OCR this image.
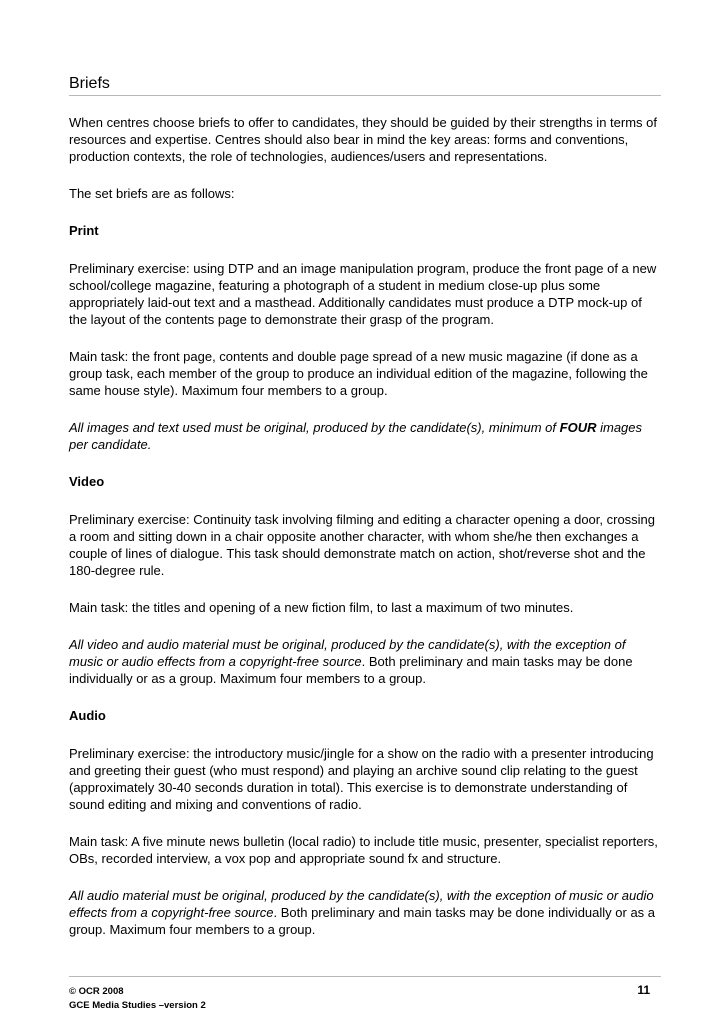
Briefs

When centres choose briefs to offer to candidates, they should be guided by their strengths in terms of resources and expertise. Centres should also bear in mind the key areas: forms and conventions, production contexts, the role of technologies, audiences/users and representations.

The set briefs are as follows:

Print

Preliminary exercise: using DTP and an image manipulation program, produce the front page of a new school/college magazine, featuring a photograph of a student in medium close-up plus some appropriately laid-out text and a masthead. Additionally candidates must produce a DTP mock-up of the layout of the contents page to demonstrate their grasp of the program.

Main task: the front page, contents and double page spread of a new music magazine (if done as a group task, each member of the group to produce an individual edition of the magazine, following the same house style). Maximum four members to a group.

All images and text used must be original, produced by the candidate(s), minimum of FOUR images per candidate.

Video

Preliminary exercise: Continuity task involving filming and editing a character opening a door, crossing a room and sitting down in a chair opposite another character, with whom she/he then exchanges a couple of lines of dialogue. This task should demonstrate match on action, shot/reverse shot and the 180-degree rule.

Main task: the titles and opening of a new fiction film, to last a maximum of two minutes.

All video and audio material must be original, produced by the candidate(s), with the exception of music or audio effects from a copyright-free source. Both preliminary and main tasks may be done individually or as a group. Maximum four members to a group.

Audio

Preliminary exercise: the introductory music/jingle for a show on the radio with a presenter introducing and greeting their guest (who must respond) and playing an archive sound clip relating to the guest (approximately 30-40 seconds duration in total). This exercise is to demonstrate understanding of sound editing and mixing and conventions of radio.

Main task: A five minute news bulletin (local radio) to include title music, presenter, specialist reporters, OBs, recorded interview, a vox pop and appropriate sound fx and structure.

All audio material must be original, produced by the candidate(s), with the exception of music or audio effects from a copyright-free source. Both preliminary and main tasks may be done individually or as a group. Maximum four members to a group.

© OCR 2008
GCE Media Studies –version 2
11
